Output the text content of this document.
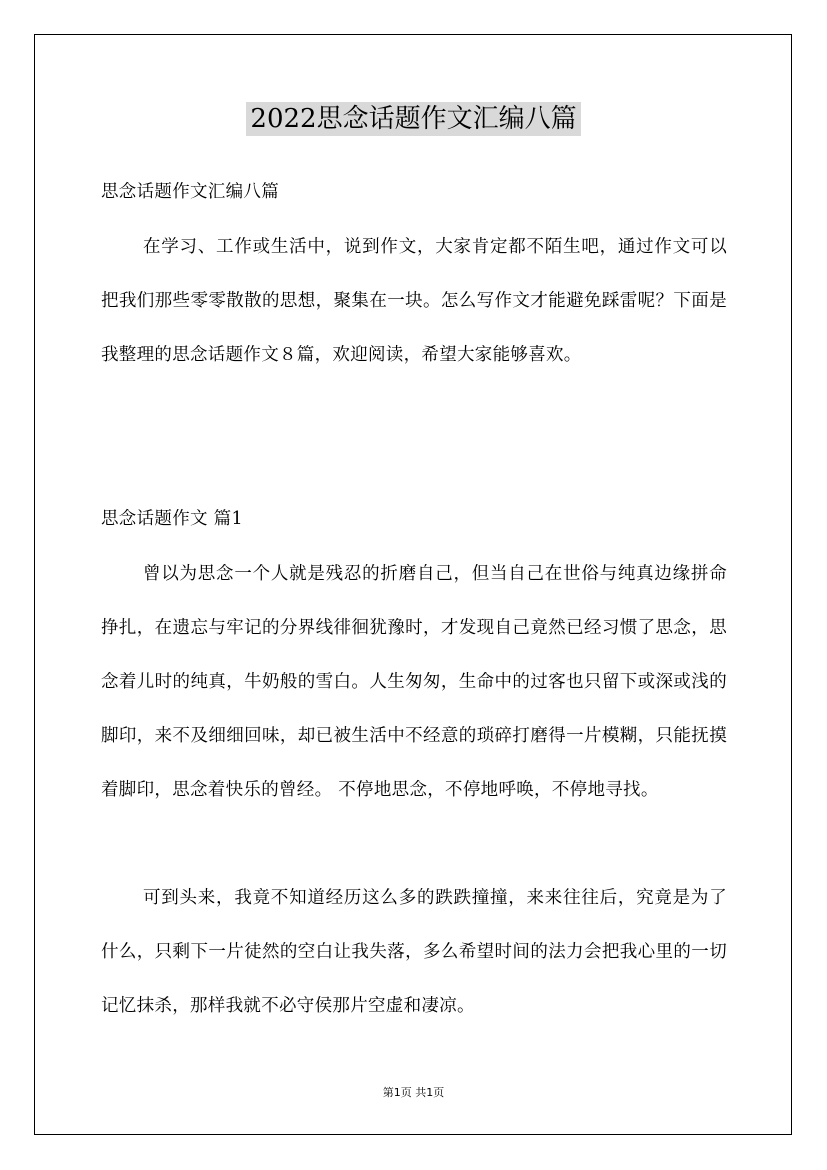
2022思念话题作文汇编八篇
思念话题作文汇编八篇
在学习、工作或生活中，说到作文，大家肯定都不陌生吧，通过作文可以把我们那些零零散散的思想，聚集在一块。怎么写作文才能避免踩雷呢？下面是我整理的思念话题作文８篇，欢迎阅读，希望大家能够喜欢。
思念话题作文 篇1
曾以为思念一个人就是残忍的折磨自己，但当自己在世俗与纯真边缘拼命挣扎，在遗忘与牢记的分界线徘徊犹豫时，才发现自己竟然已经习惯了思念，思念着儿时的纯真，牛奶般的雪白。人生匆匆，生命中的过客也只留下或深或浅的脚印，来不及细细回味，却已被生活中不经意的琐碎打磨得一片模糊，只能抚摸着脚印，思念着快乐的曾经。 不停地思念，不停地呼唤，不停地寻找。
可到头来，我竟不知道经历这么多的跌跌撞撞，来来往往后，究竟是为了什么，只剩下一片徒然的空白让我失落，多么希望时间的法力会把我心里的一切记忆抹杀，那样我就不必守侯那片空虚和凄凉。
第1页 共1页
